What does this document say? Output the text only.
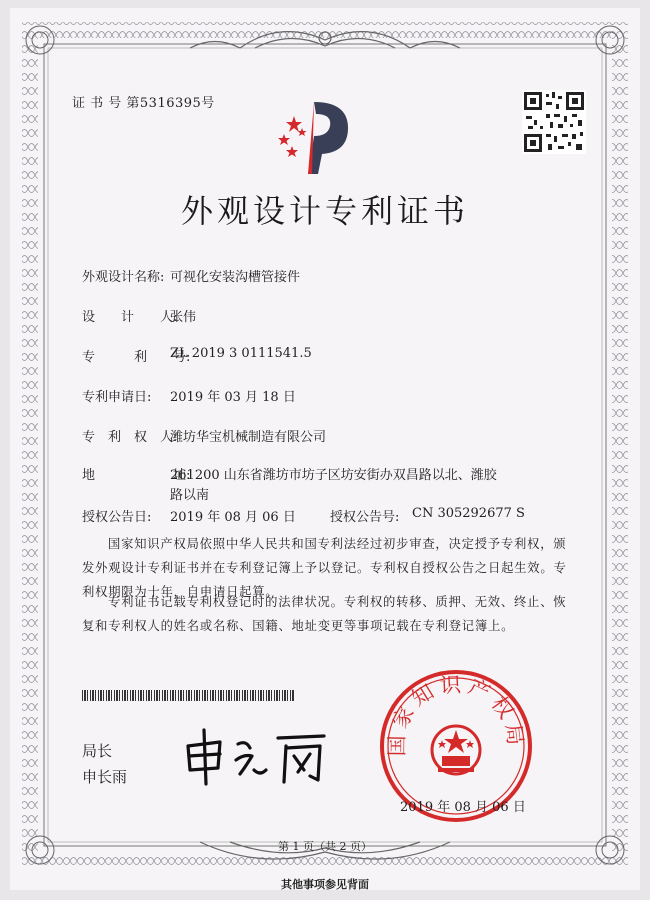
证 书 号 第5316395号
外观设计专利证书
外观设计名称: 可视化安装沟槽管接件
设　　计　　人:
张伟
专　　　利　　号:
ZL 2019 3 0111541.5
专利申请日: 2019 年 03 月 18 日
专　利　权　人:
潍坊华宝机械制造有限公司
地　　　　　　址:
261200 山东省潍坊市坊子区坊安街办双昌路以北、潍胶
路以南
授权公告日: 2019 年 08 月 06 日	授权公告号: CN 305292677 S
国家知识产权局依照中华人民共和国专利法经过初步审查，决定授予专利权，颁发外观设计专利证书并在专利登记簿上予以登记。专利权自授权公告之日起生效。专利权期限为十年，自申请日起算。
专利证书记载专利权登记时的法律状况。专利权的转移、质押、无效、终止、恢复和专利权人的姓名或名称、国籍、地址变更等事项记载在专利登记簿上。
局长
申长雨
国家知识产权局
2019 年 08 月 06 日
第 1 页（共 2 页）
其他事项参见背面
